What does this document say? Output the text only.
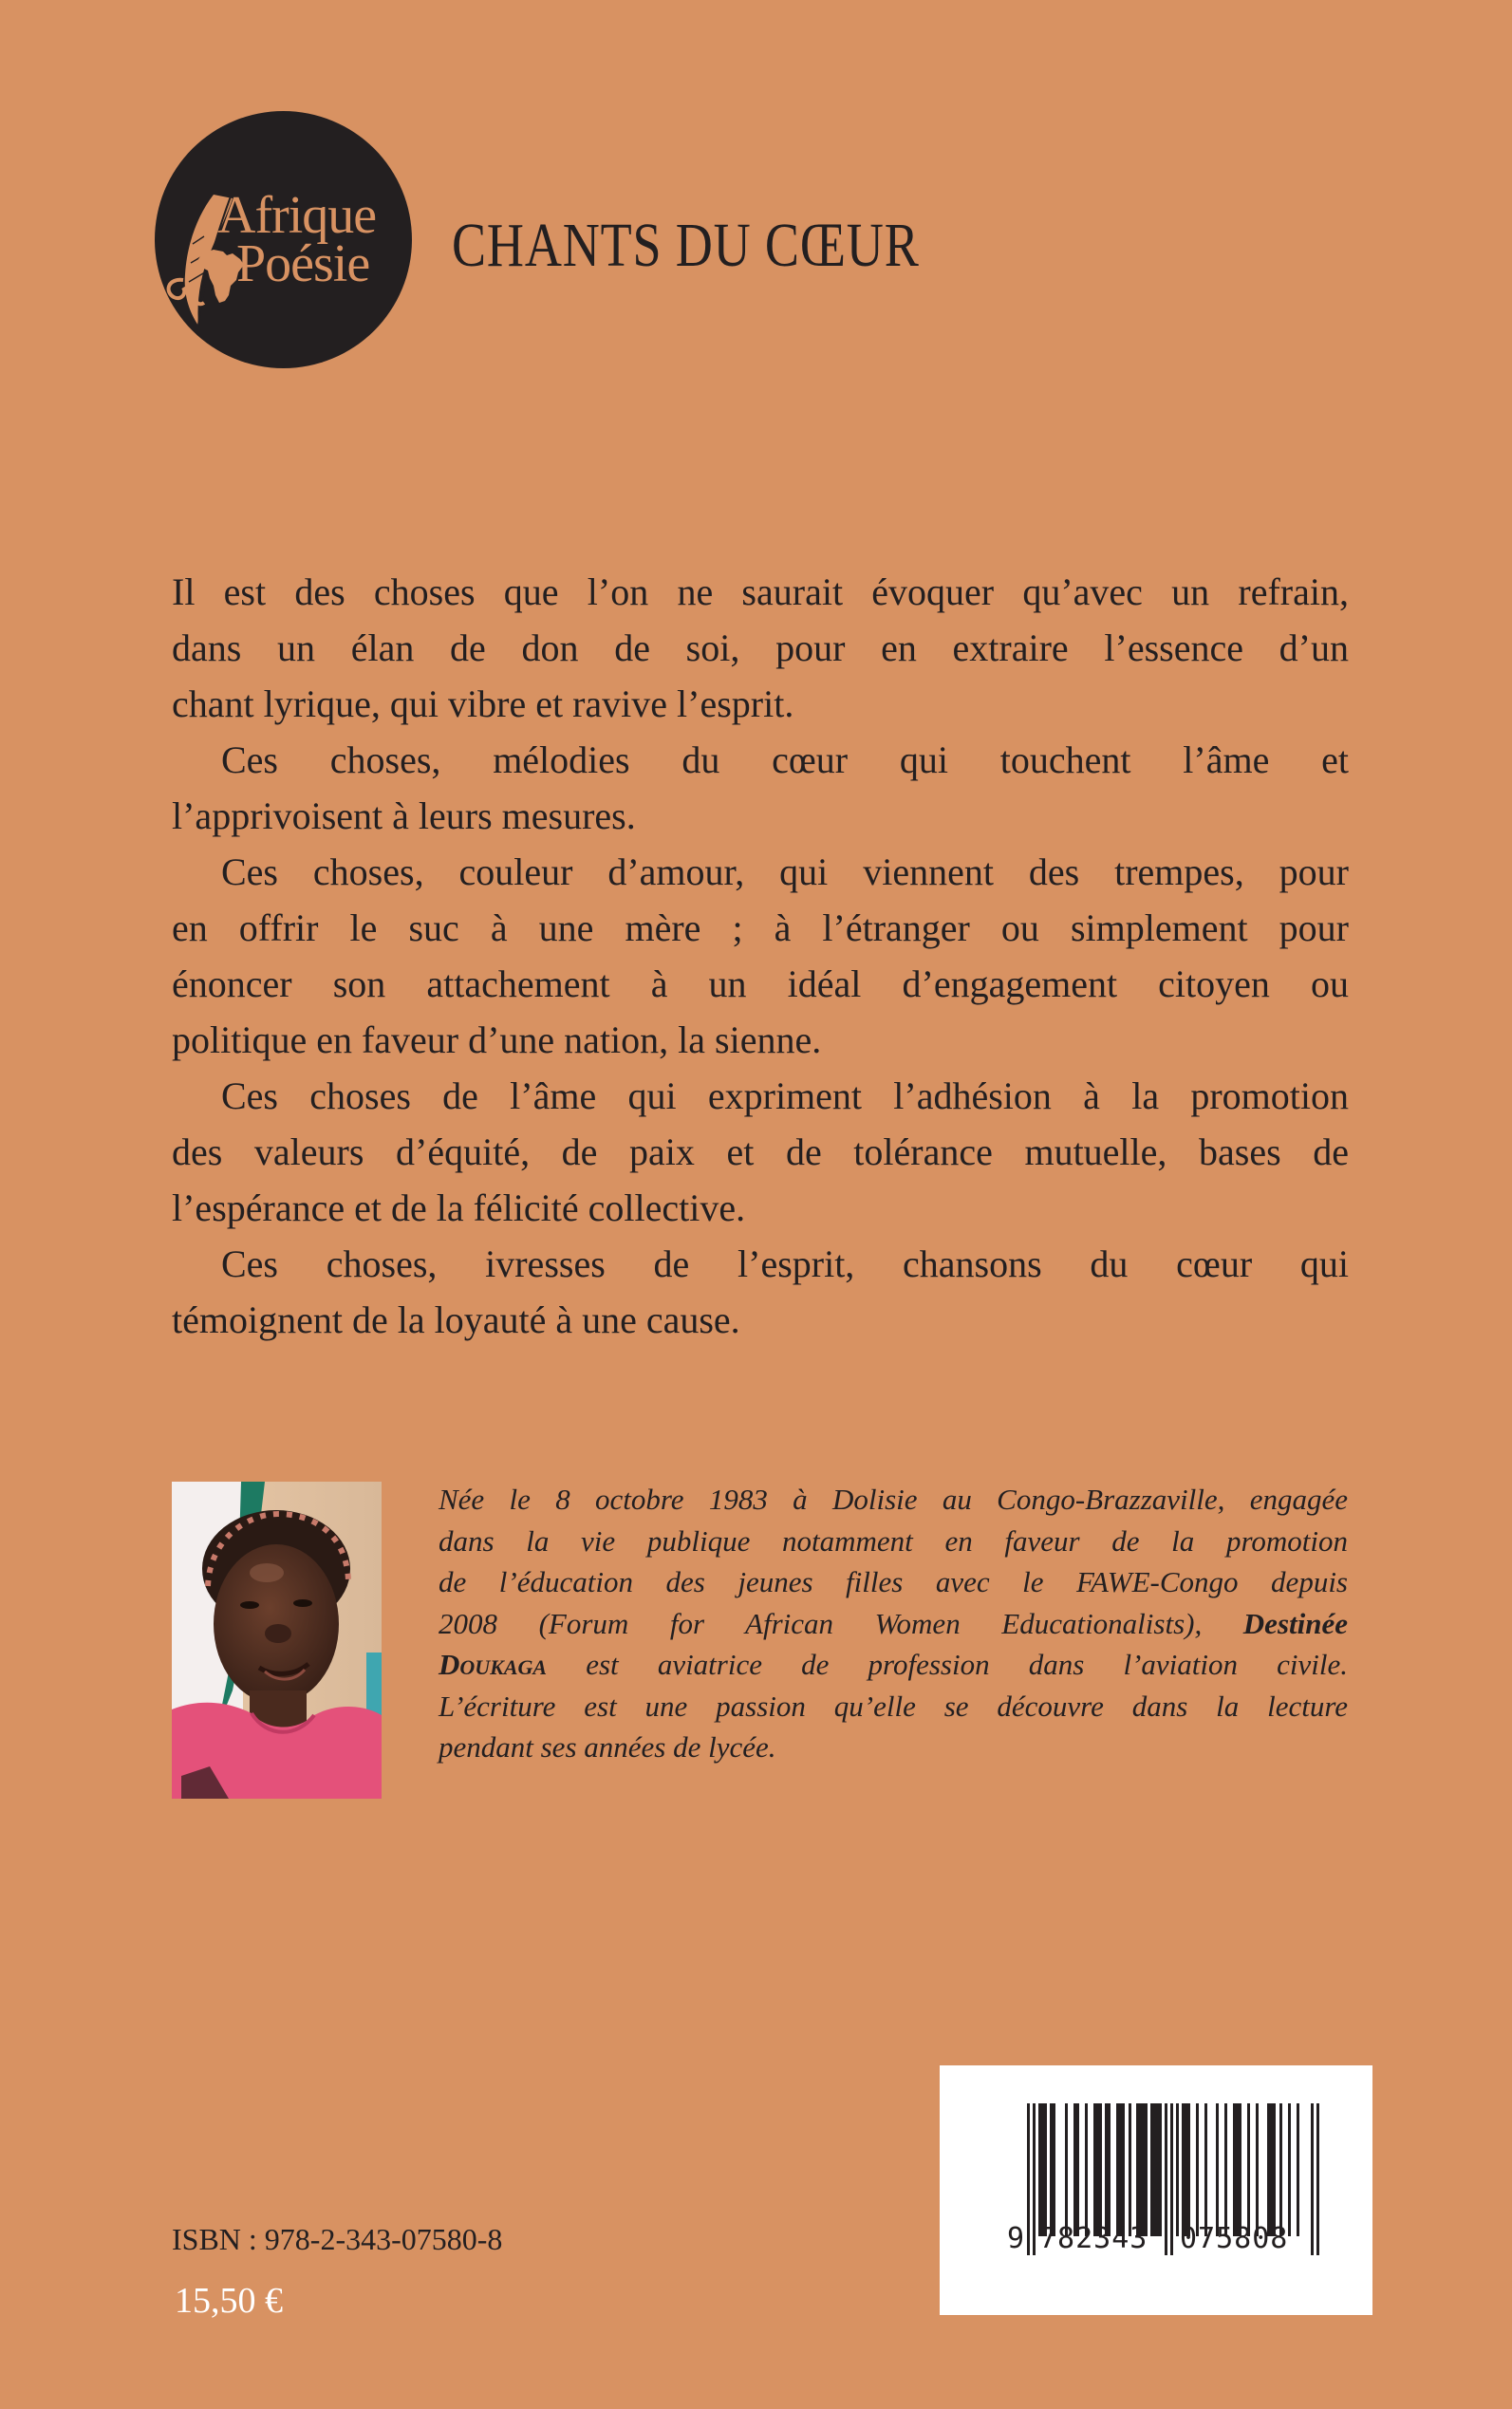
Afrique
Poésie CHANTS DU CŒUR
Il est des choses que l’on ne saurait évoquer qu’avec un refrain,
dans un élan de don de soi, pour en extraire l’essence d’un
chant lyrique, qui vibre et ravive l’esprit.
Ces choses, mélodies du cœur qui touchent l’âme et
l’apprivoisent à leurs mesures.
Ces choses, couleur d’amour, qui viennent des trempes, pour
en offrir le suc à une mère ; à l’étranger ou simplement pour
énoncer son attachement à un idéal d’engagement citoyen ou
politique en faveur d’une nation, la sienne.
Ces choses de l’âme qui expriment l’adhésion à la promotion
des valeurs d’équité, de paix et de tolérance mutuelle, bases de
l’espérance et de la félicité collective.
Ces choses, ivresses de l’esprit, chansons du cœur qui
témoignent de la loyauté à une cause.
Née le 8 octobre 1983 à Dolisie au Congo-Brazzaville, engagée
dans la vie publique notamment en faveur de la promotion
de l’éducation des jeunes filles avec le FAWE-Congo depuis
2008 (Forum for African Women Educationalists), Destinée
Doukaga est aviatrice de profession dans l’aviation civile.
L’écriture est une passion qu’elle se découvre dans la lecture
pendant ses années de lycée.
ISBN : 978-2-343-07580-8
15,50 €
9 782343 075808
